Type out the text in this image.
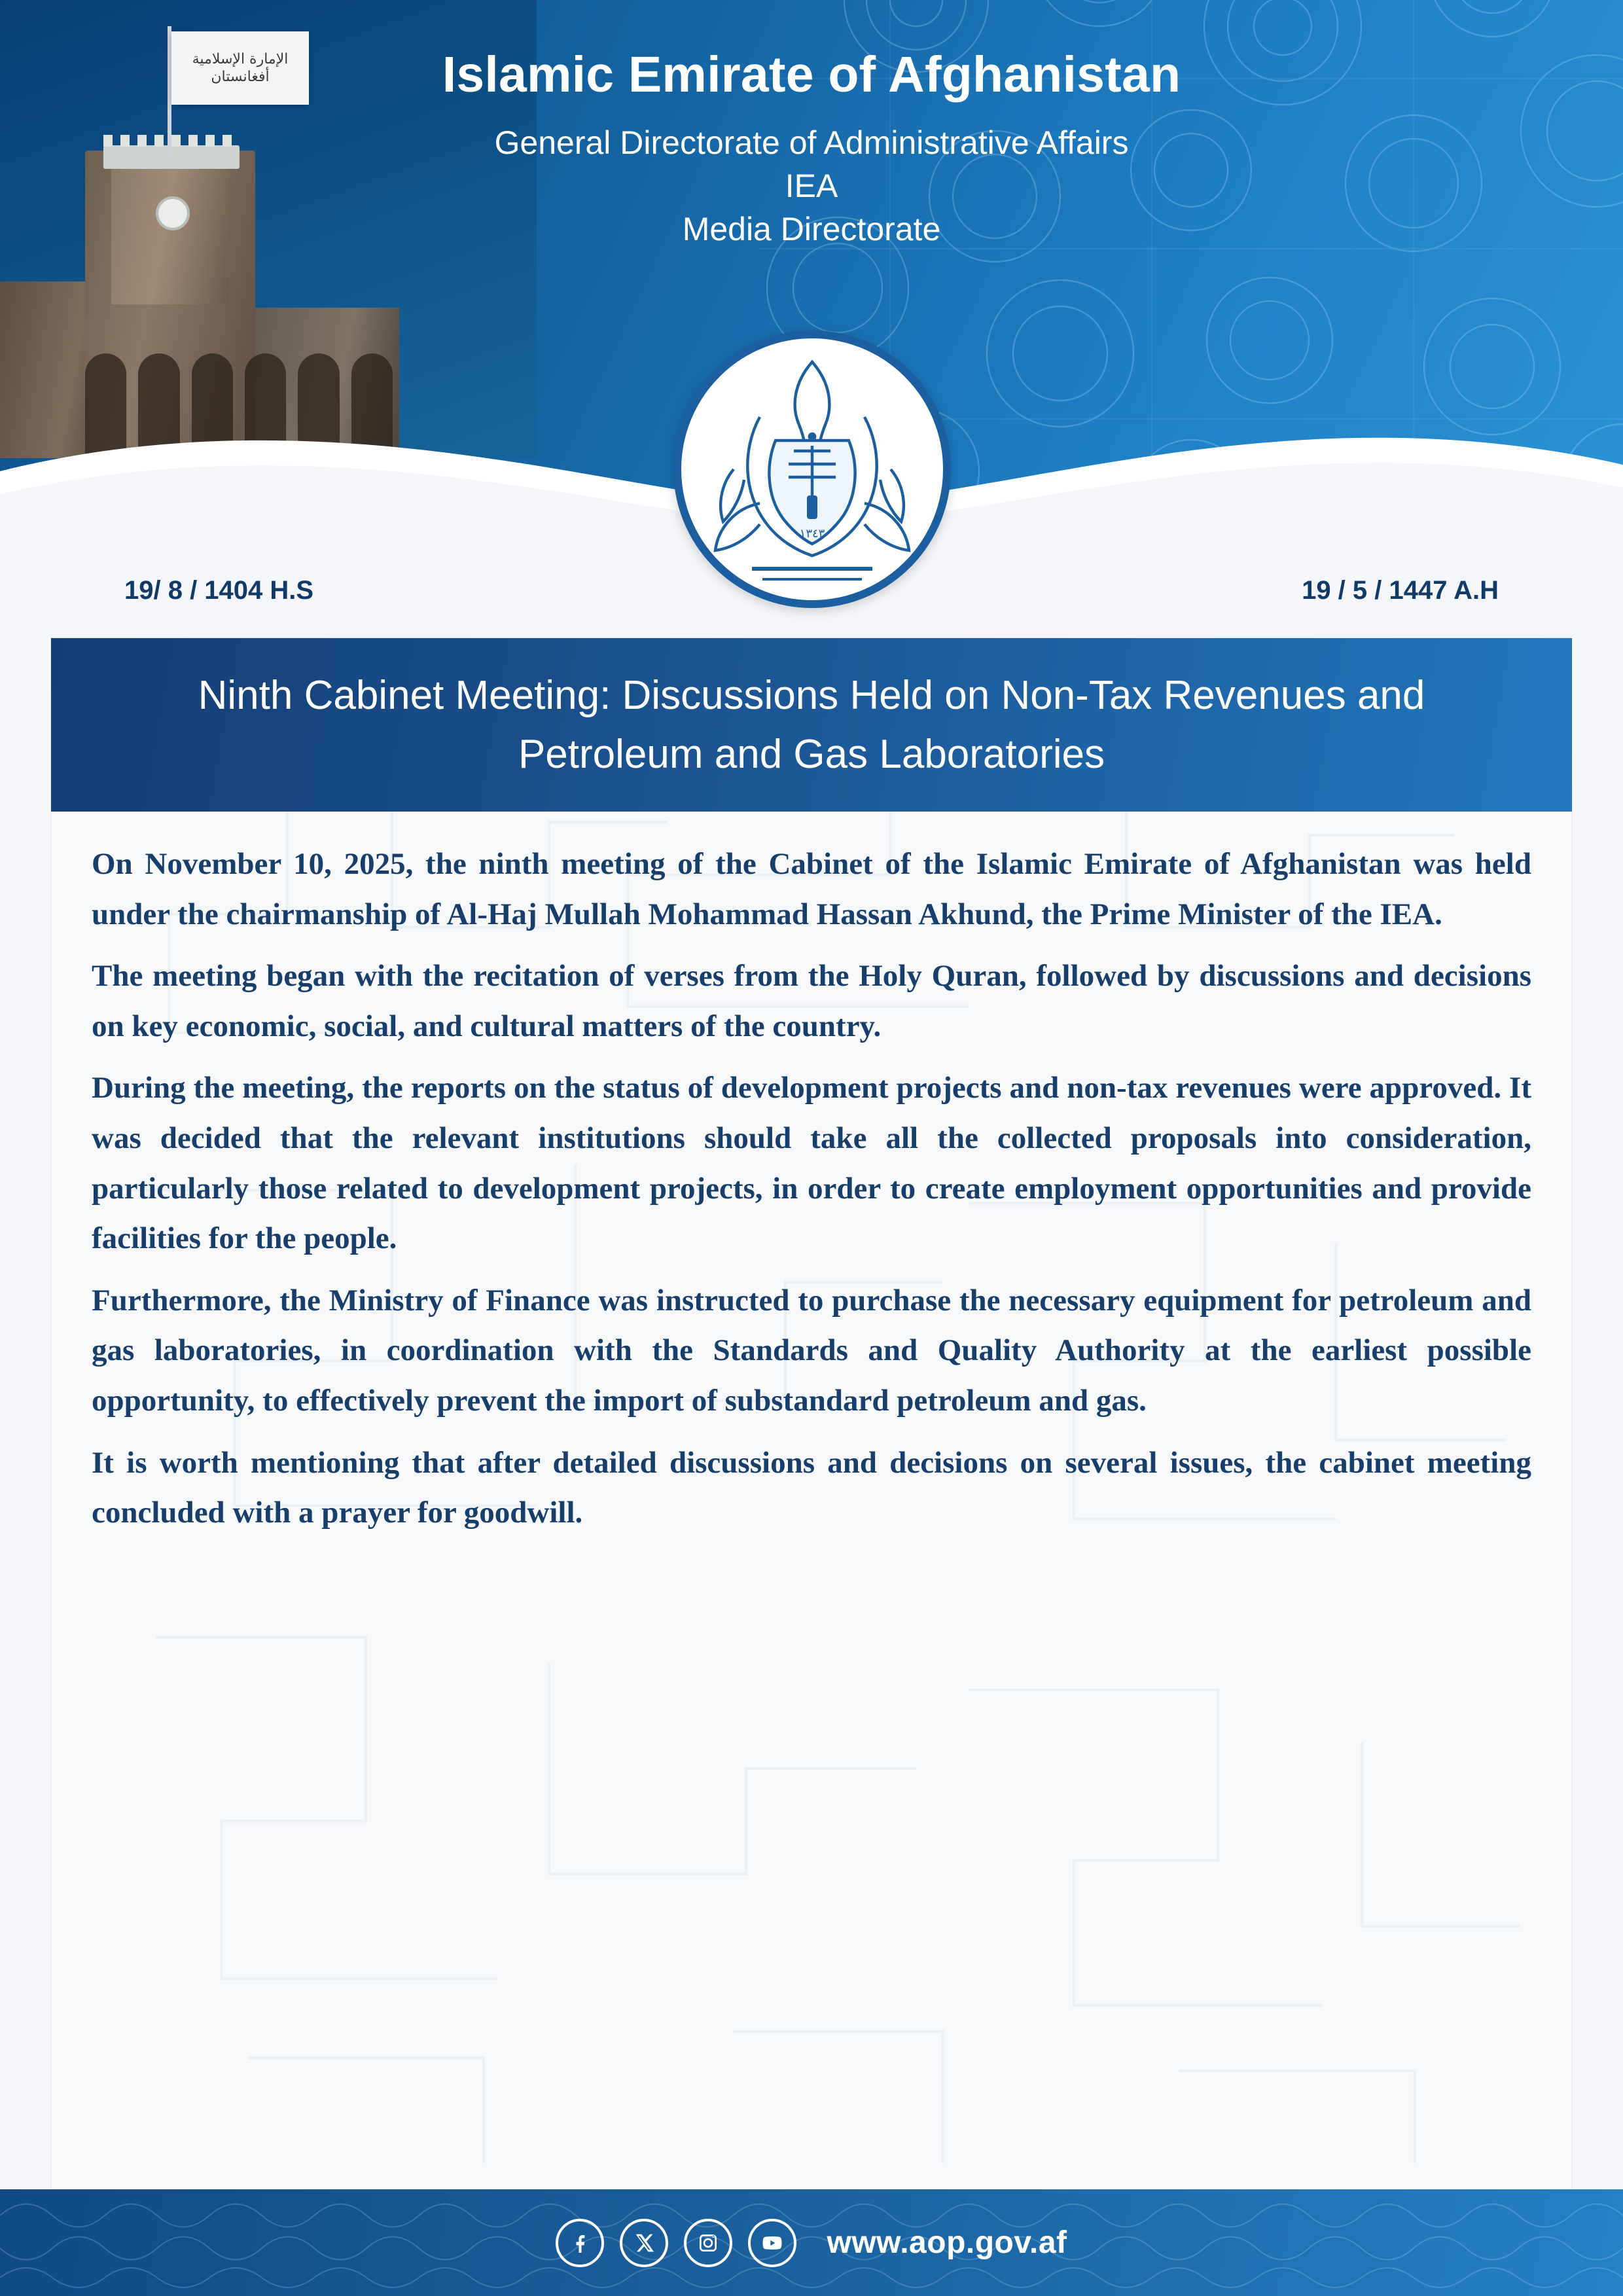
الإمارة الإسلامية أفغانستان	Islamic Emirate of Afghanistan
General Directorate of Administrative Affairs
IEA
Media Directorate
١٣٤٣
19/ 8 / 1404 H.S	19 / 5 / 1447 A.H
Ninth Cabinet Meeting: Discussions Held on Non-Tax Revenues and Petroleum and Gas Laboratories

On November 10, 2025, the ninth meeting of the Cabinet of the Islamic Emirate of Afghanistan was held under the chairmanship of Al-Haj Mullah Mohammad Hassan Akhund, the Prime Minister of the IEA.

The meeting began with the recitation of verses from the Holy Quran, followed by discussions and decisions on key economic, social, and cultural matters of the country.

During the meeting, the reports on the status of development projects and non-tax revenues were approved. It was decided that the relevant institutions should take all the collected proposals into consideration, particularly those related to development projects, in order to create employment opportunities and provide facilities for the people.

Furthermore, the Ministry of Finance was instructed to purchase the necessary equipment for petroleum and gas laboratories, in coordination with the Standards and Quality Authority at the earliest possible opportunity, to effectively prevent the import of substandard petroleum and gas.

It is worth mentioning that after detailed discussions and decisions on several issues, the cabinet meeting concluded with a prayer for goodwill.

www.aop.gov.af
